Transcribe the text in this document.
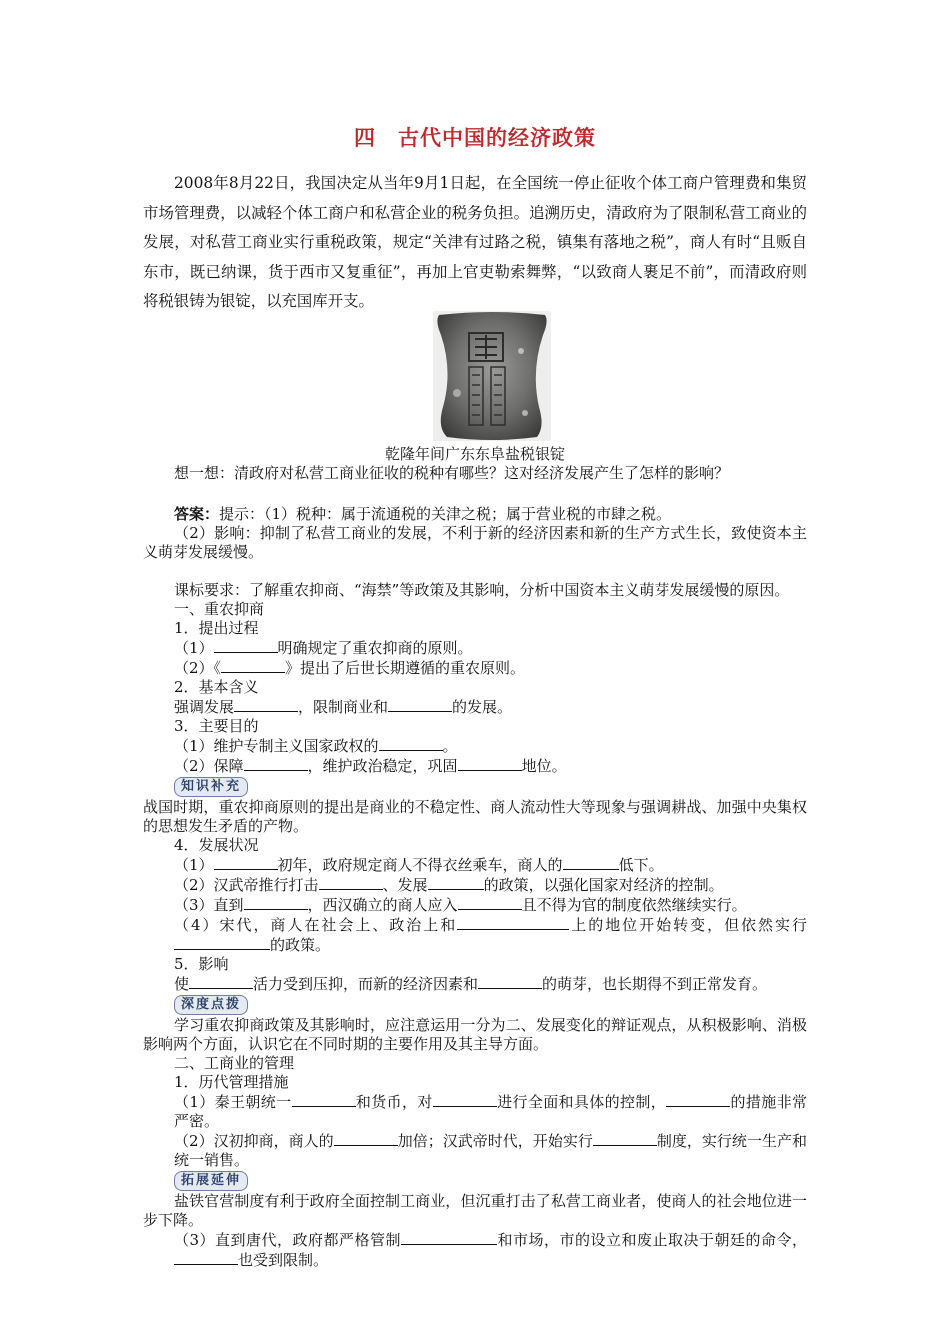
四 古代中国的经济政策

2008年8月22日，我国决定从当年9月1日起，在全国统一停止征收个体工商户管理费和集贸市场管理费，以减轻个体工商户和私营企业的税务负担。追溯历史，清政府为了限制私营工商业的发展，对私营工商业实行重税政策，规定“关津有过路之税，镇集有落地之税”，商人有时“且贩自东市，既已纳课，货于西市又复重征”，再加上官吏勒索舞弊，“以致商人裹足不前”，而清政府则将税银铸为银锭，以充国库开支。

乾隆年间广东东阜盐税银锭

想一想：清政府对私营工商业征收的税种有哪些？这对经济发展产生了怎样的影响？

答案：提示：（1）税种：属于流通税的关津之税；属于营业税的市肆之税。

（2）影响：抑制了私营工商业的发展，不利于新的经济因素和新的生产方式生长，致使资本主义萌芽发展缓慢。

课标要求：了解重农抑商、“海禁”等政策及其影响，分析中国资本主义萌芽发展缓慢的原因。

一、重农抑商

1．提出过程

（1）	明确规定了重农抑商的原则。

（2）《	》提出了后世长期遵循的重农原则。

2．基本含义

强调发展	，限制商业和	的发展。

3．主要目的

（1）维护专制主义国家政权的	。

（2）保障	，维护政治稳定，巩固	地位。

知识补充

战国时期，重农抑商原则的提出是商业的不稳定性、商人流动性大等现象与强调耕战、加强中央集权的思想发生矛盾的产物。

4．发展状况

（1）	初年，政府规定商人不得衣丝乘车，商人的	低下。

（2）汉武帝推行打击	、发展	的政策，以强化国家对经济的控制。

（3）直到	，西汉确立的商人应入	且不得为官的制度依然继续实行。

（4）宋代，商人在社会上、政治上和	上的地位开始转变，但依然实行的政策。

5．影响

使	活力受到压抑，而新的经济因素和	的萌芽，也长期得不到正常发育。

深度点拨

学习重农抑商政策及其影响时，应注意运用一分为二、发展变化的辩证观点，从积极影响、消极影响两个方面，认识它在不同时期的主要作用及其主导方面。

二、工商业的管理

1．历代管理措施

（1）秦王朝统一	和货币，对	进行全面和具体的控制，	的措施非常严密。

（2）汉初抑商，商人的	加倍；汉武帝时代，开始实行	制度，实行统一生产和统一销售。

拓展延伸

盐铁官营制度有利于政府全面控制工商业，但沉重打击了私营工商业者，使商人的社会地位进一步下降。

（3）直到唐代，政府都严格管制	和市场，市的设立和废止取决于朝廷的命令，也受到限制。
